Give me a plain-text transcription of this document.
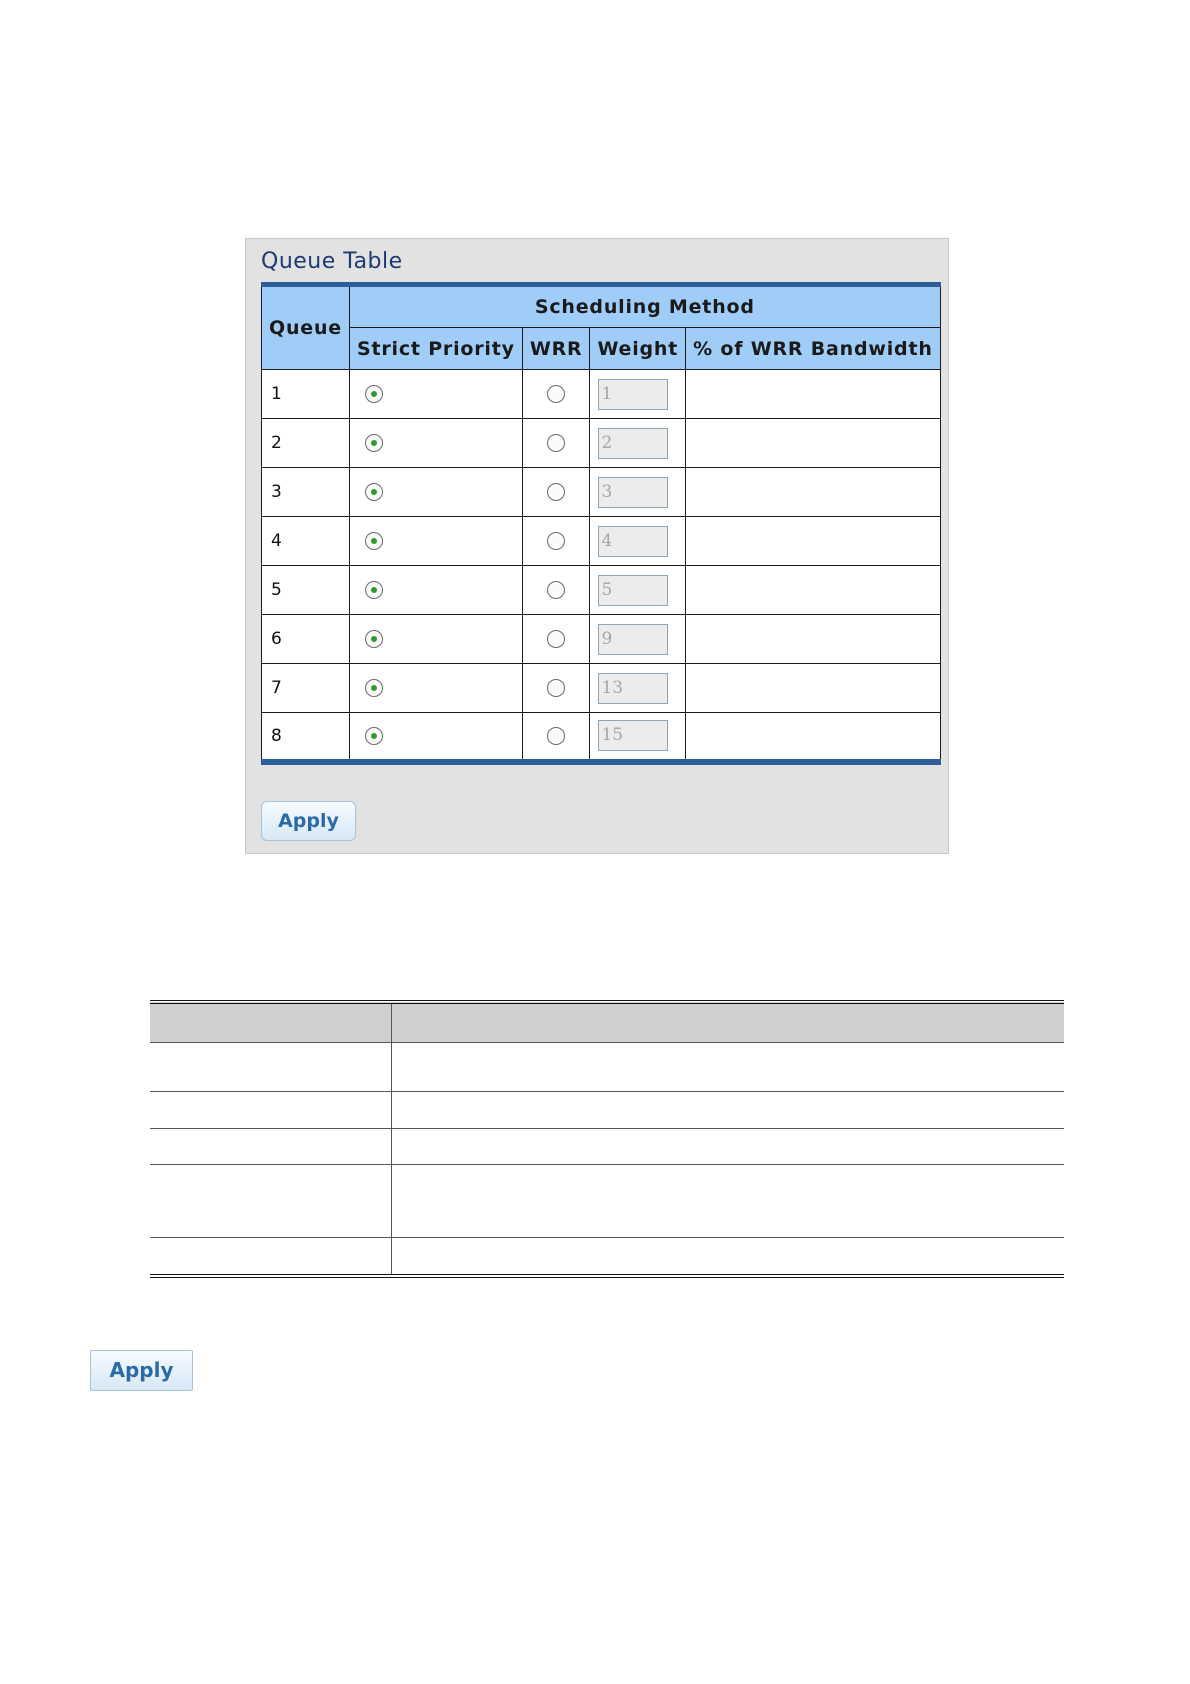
Queue Table
Queue	Scheduling Method			
	Strict Priority	WRR	Weight	% of WRR Bandwidth
1			1	
2			2	
3			3	
4			4	
5			5	
6			9	
7			13	
8			15	
Apply

Apply
